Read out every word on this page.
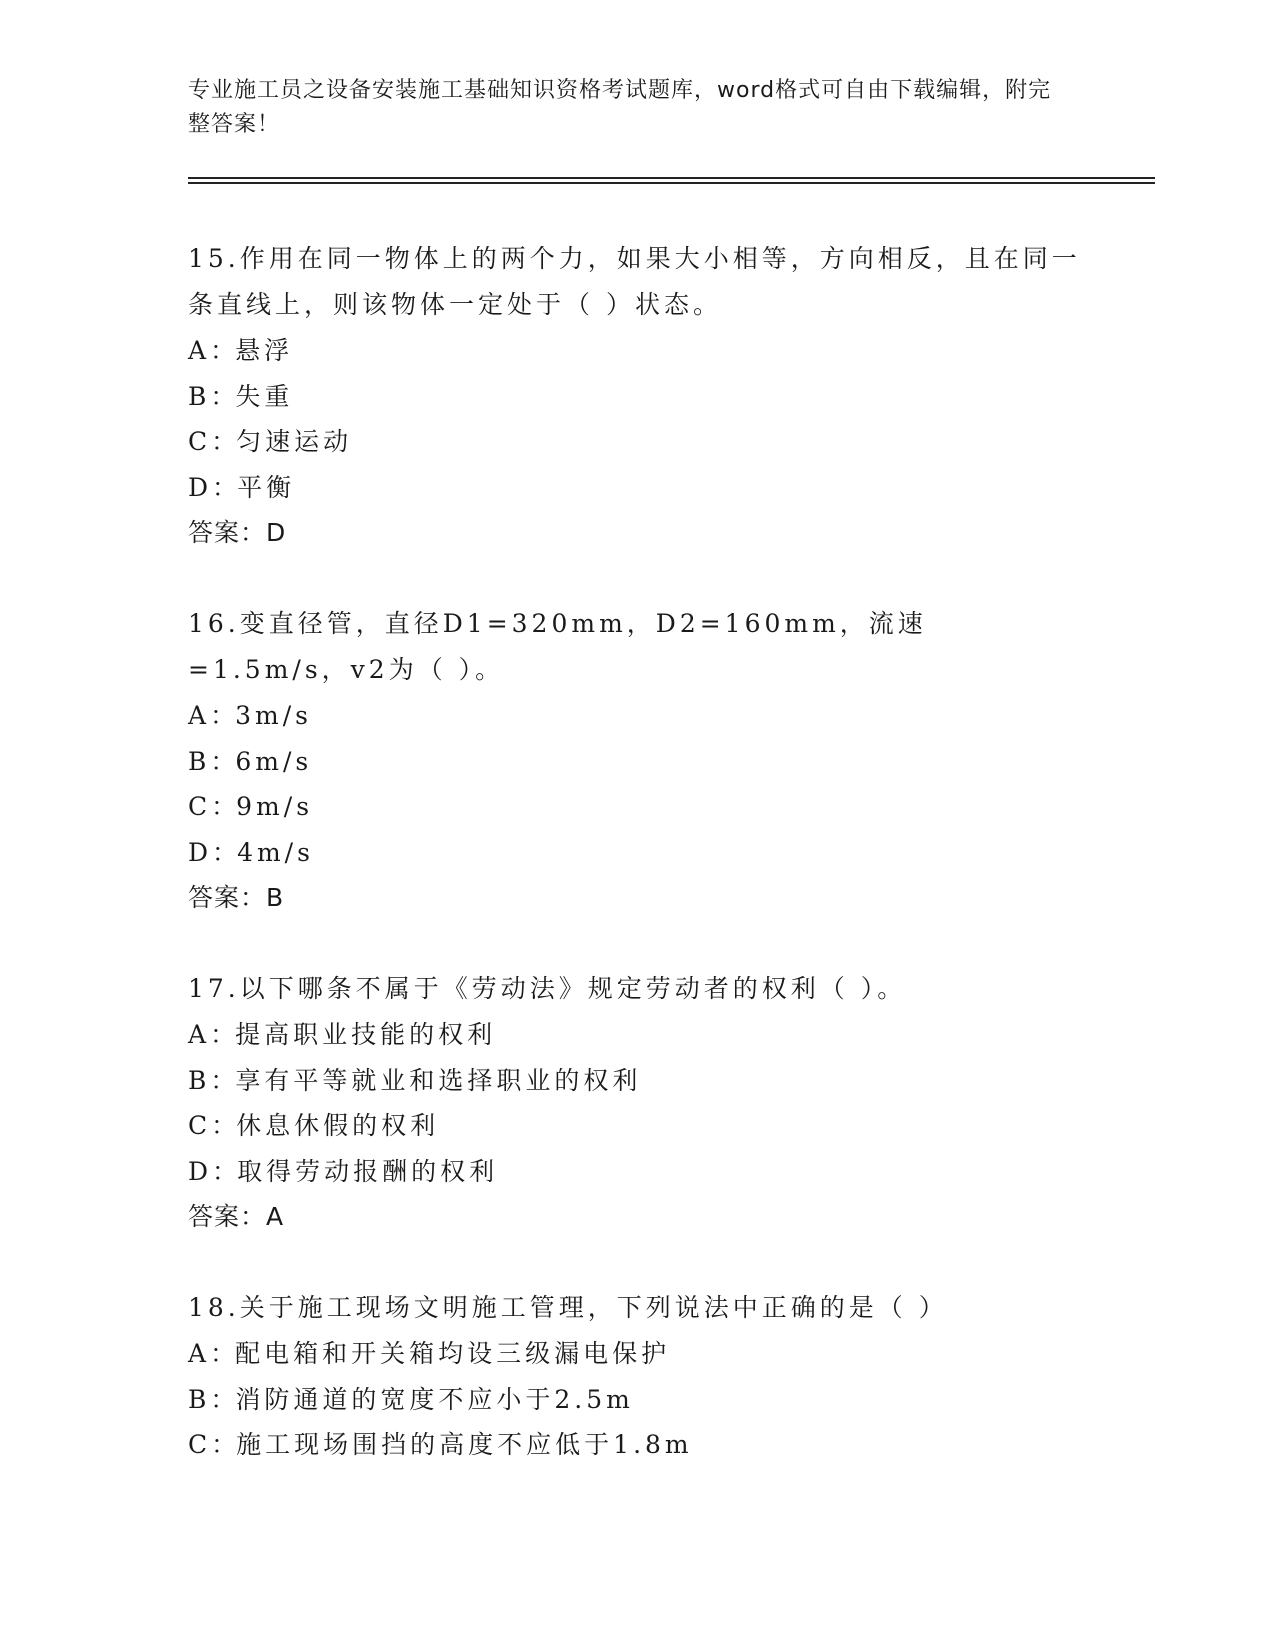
专业施工员之设备安装施工基础知识资格考试题库，word格式可自由下载编辑，附完整答案！

15.作用在同一物体上的两个力，如果大小相等，方向相反，且在同一条直线上，则该物体一定处于（ ）状态。

A：悬浮

B：失重

C：匀速运动

D：平衡

答案：D

16.变直径管，直径D1=320mm，D2=160mm，流速=1.5m/s，v2为（ ）。

A：3m/s

B：6m/s

C：9m/s

D：4m/s

答案：B

17.以下哪条不属于《劳动法》规定劳动者的权利（ ）。

A：提高职业技能的权利

B：享有平等就业和选择职业的权利

C：休息休假的权利

D：取得劳动报酬的权利

答案：A

18.关于施工现场文明施工管理，下列说法中正确的是（ ）

A：配电箱和开关箱均设三级漏电保护

B：消防通道的宽度不应小于2.5m

C：施工现场围挡的高度不应低于1.8m
